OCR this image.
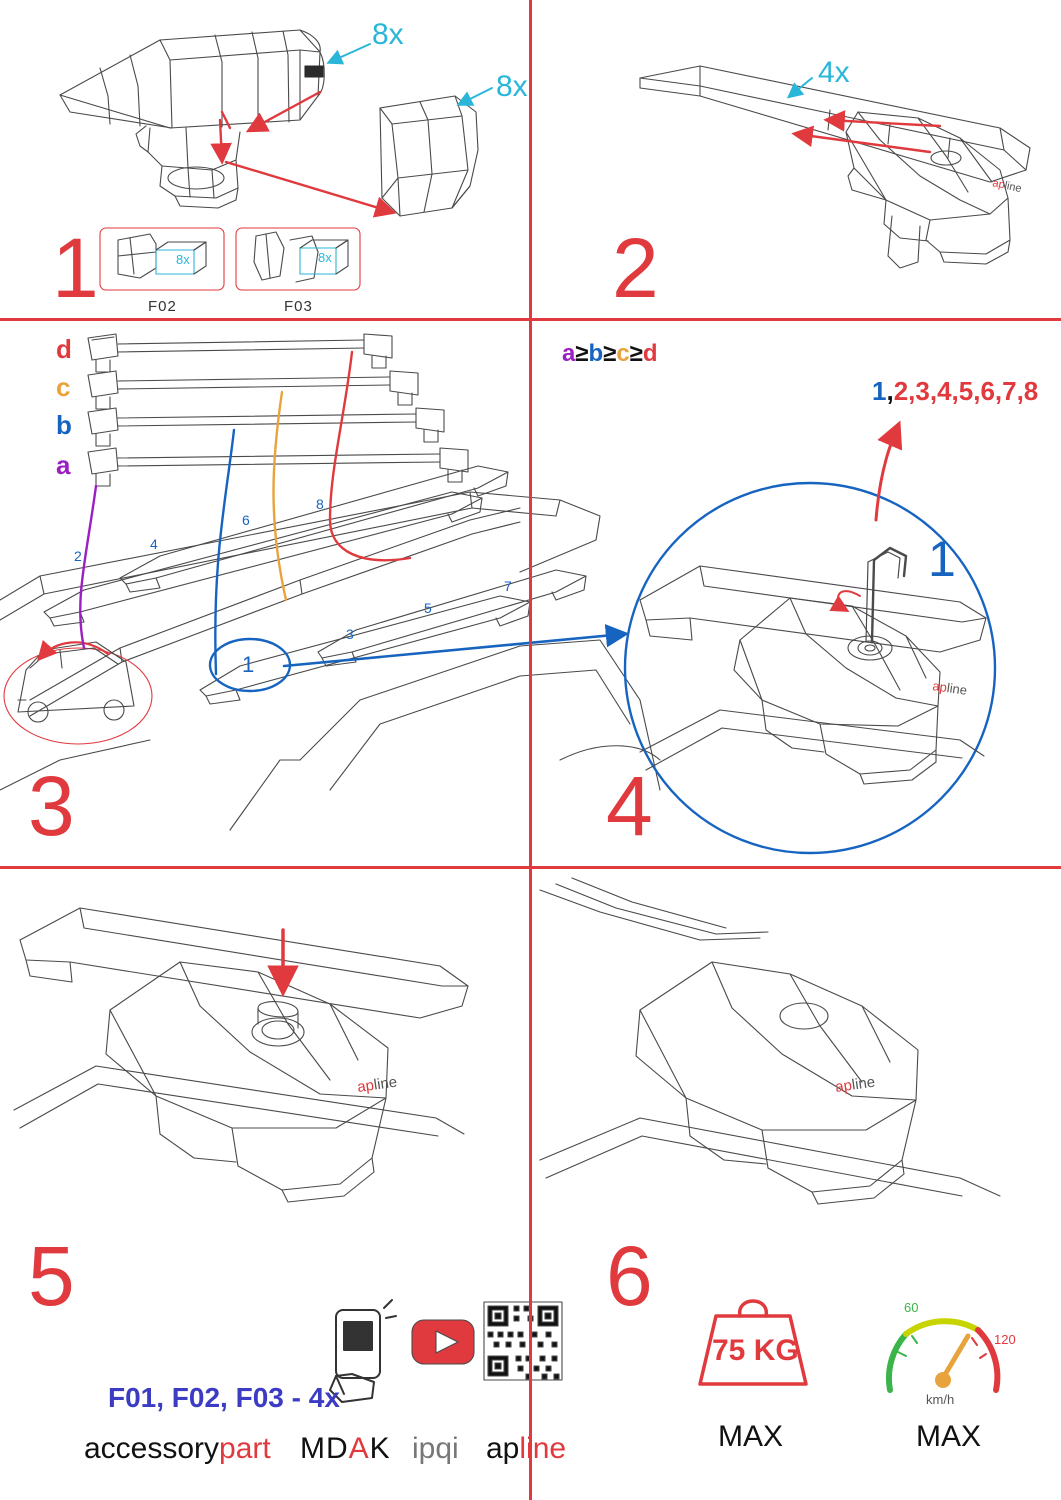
apline	apline
apline
apline
1	2
3	4
5	6
8x
8x	4x
F02	F03
8x	8x
d
c
b
a
a≥b≥c≥d
1,2,3,4,5,6,7,8
2
4
6
8
7
5
3
1
1
F01, F02, F03 - 4x
accessorypart MDAK ipqi apline
75 KG
MAX	MAX
km/h
60
120
